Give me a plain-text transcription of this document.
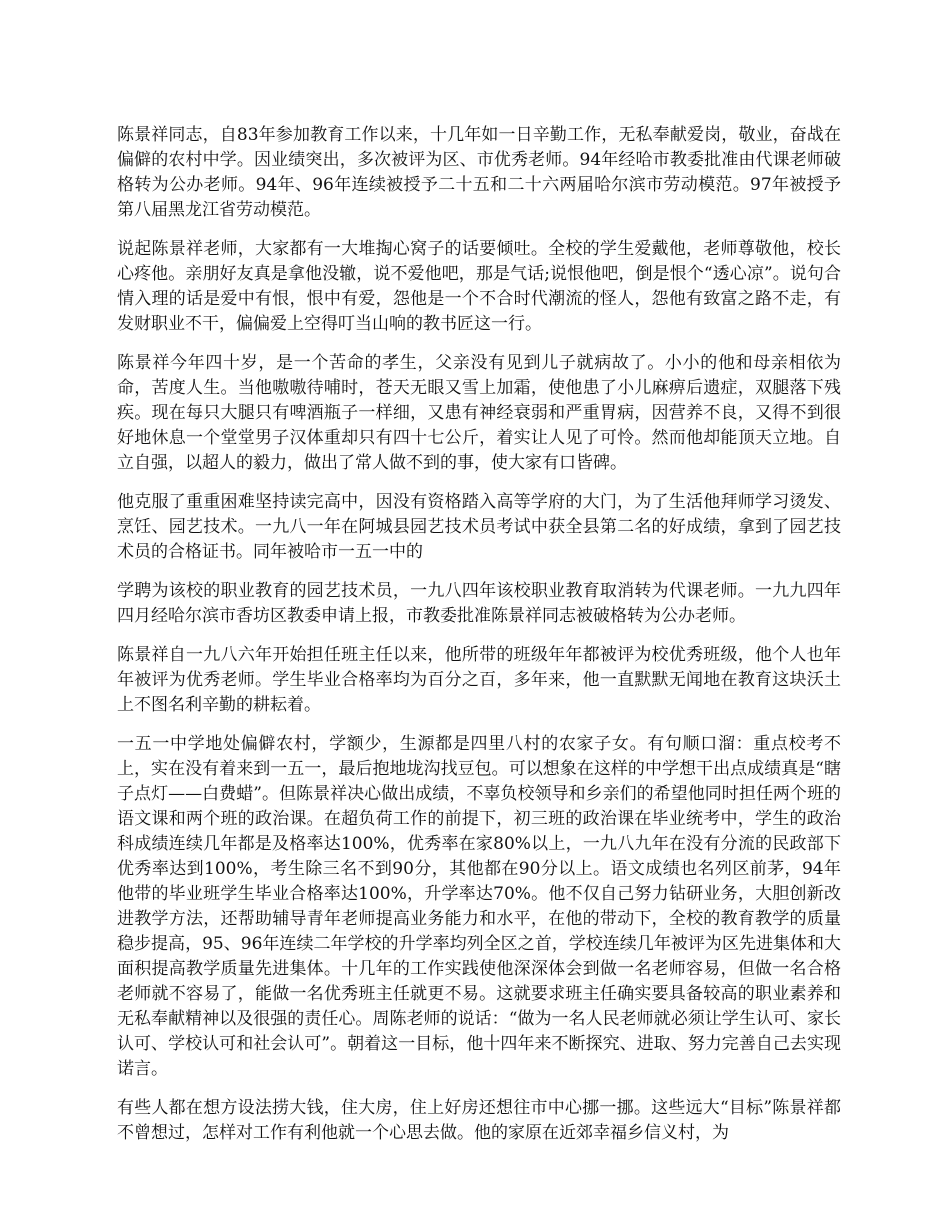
陈景祥同志，自83年参加教育工作以来，十几年如一日辛勤工作，无私奉献爱岗，敬业，奋战在偏僻的农村中学。因业绩突出，多次被评为区、市优秀老师。94年经哈市教委批准由代课老师破格转为公办老师。94年、96年连续被授予二十五和二十六两届哈尔滨市劳动模范。97年被授予第八届黑龙江省劳动模范。

说起陈景祥老师，大家都有一大堆掏心窝子的话要倾吐。全校的学生爱戴他，老师尊敬他，校长心疼他。亲朋好友真是拿他没辙，说不爱他吧，那是气话;说恨他吧，倒是恨个“透心凉”。说句合情入理的话是爱中有恨，恨中有爱，怨他是一个不合时代潮流的怪人，怨他有致富之路不走，有发财职业不干，偏偏爱上空得叮当山响的教书匠这一行。

陈景祥今年四十岁，是一个苦命的孝生，父亲没有见到儿子就病故了。小小的他和母亲相依为命，苦度人生。当他嗷嗷待哺时，苍天无眼又雪上加霜，使他患了小儿麻痹后遗症，双腿落下残疾。现在每只大腿只有啤酒瓶子一样细，又患有神经衰弱和严重胃病，因营养不良，又得不到很好地休息一个堂堂男子汉体重却只有四十七公斤，着实让人见了可怜。然而他却能顶天立地。自立自强，以超人的毅力，做出了常人做不到的事，使大家有口皆碑。

他克服了重重困难坚持读完高中，因没有资格踏入高等学府的大门，为了生活他拜师学习烫发、烹饪、园艺技术。一九八一年在阿城县园艺技术员考试中获全县第二名的好成绩，拿到了园艺技术员的合格证书。同年被哈市一五一中的

学聘为该校的职业教育的园艺技术员，一九八四年该校职业教育取消转为代课老师。一九九四年四月经哈尔滨市香坊区教委申请上报，市教委批准陈景祥同志被破格转为公办老师。

陈景祥自一九八六年开始担任班主任以来，他所带的班级年年都被评为校优秀班级，他个人也年年被评为优秀老师。学生毕业合格率均为百分之百，多年来，他一直默默无闻地在教育这块沃土上不图名利辛勤的耕耘着。

一五一中学地处偏僻农村，学额少，生源都是四里八村的农家子女。有句顺口溜：重点校考不上，实在没有着来到一五一，最后抱地垅沟找豆包。可以想象在这样的中学想干出点成绩真是“瞎子点灯——白费蜡”。但陈景祥决心做出成绩，不辜负校领导和乡亲们的希望他同时担任两个班的语文课和两个班的政治课。在超负荷工作的前提下，初三班的政治课在毕业统考中，学生的政治科成绩连续几年都是及格率达100%，优秀率在家80%以上，一九八九年在没有分流的民政部下优秀率达到100%，考生除三名不到90分，其他都在90分以上。语文成绩也名列区前茅，94年他带的毕业班学生毕业合格率达100%，升学率达70%。他不仅自己努力钻研业务，大胆创新改进教学方法，还帮助辅导青年老师提高业务能力和水平，在他的带动下，全校的教育教学的质量稳步提高，95、96年连续二年学校的升学率均列全区之首，学校连续几年被评为区先进集体和大面积提高教学质量先进集体。十几年的工作实践使他深深体会到做一名老师容易，但做一名合格老师就不容易了，能做一名优秀班主任就更不易。这就要求班主任确实要具备较高的职业素养和无私奉献精神以及很强的责任心。周陈老师的说话：“做为一名人民老师就必须让学生认可、家长认可、学校认可和社会认可”。朝着这一目标，他十四年来不断探究、进取、努力完善自己去实现诺言。

有些人都在想方设法捞大钱，住大房，住上好房还想往市中心挪一挪。这些远大“目标”陈景祥都不曾想过，怎样对工作有利他就一个心思去做。他的家原在近郊幸福乡信义村，为
